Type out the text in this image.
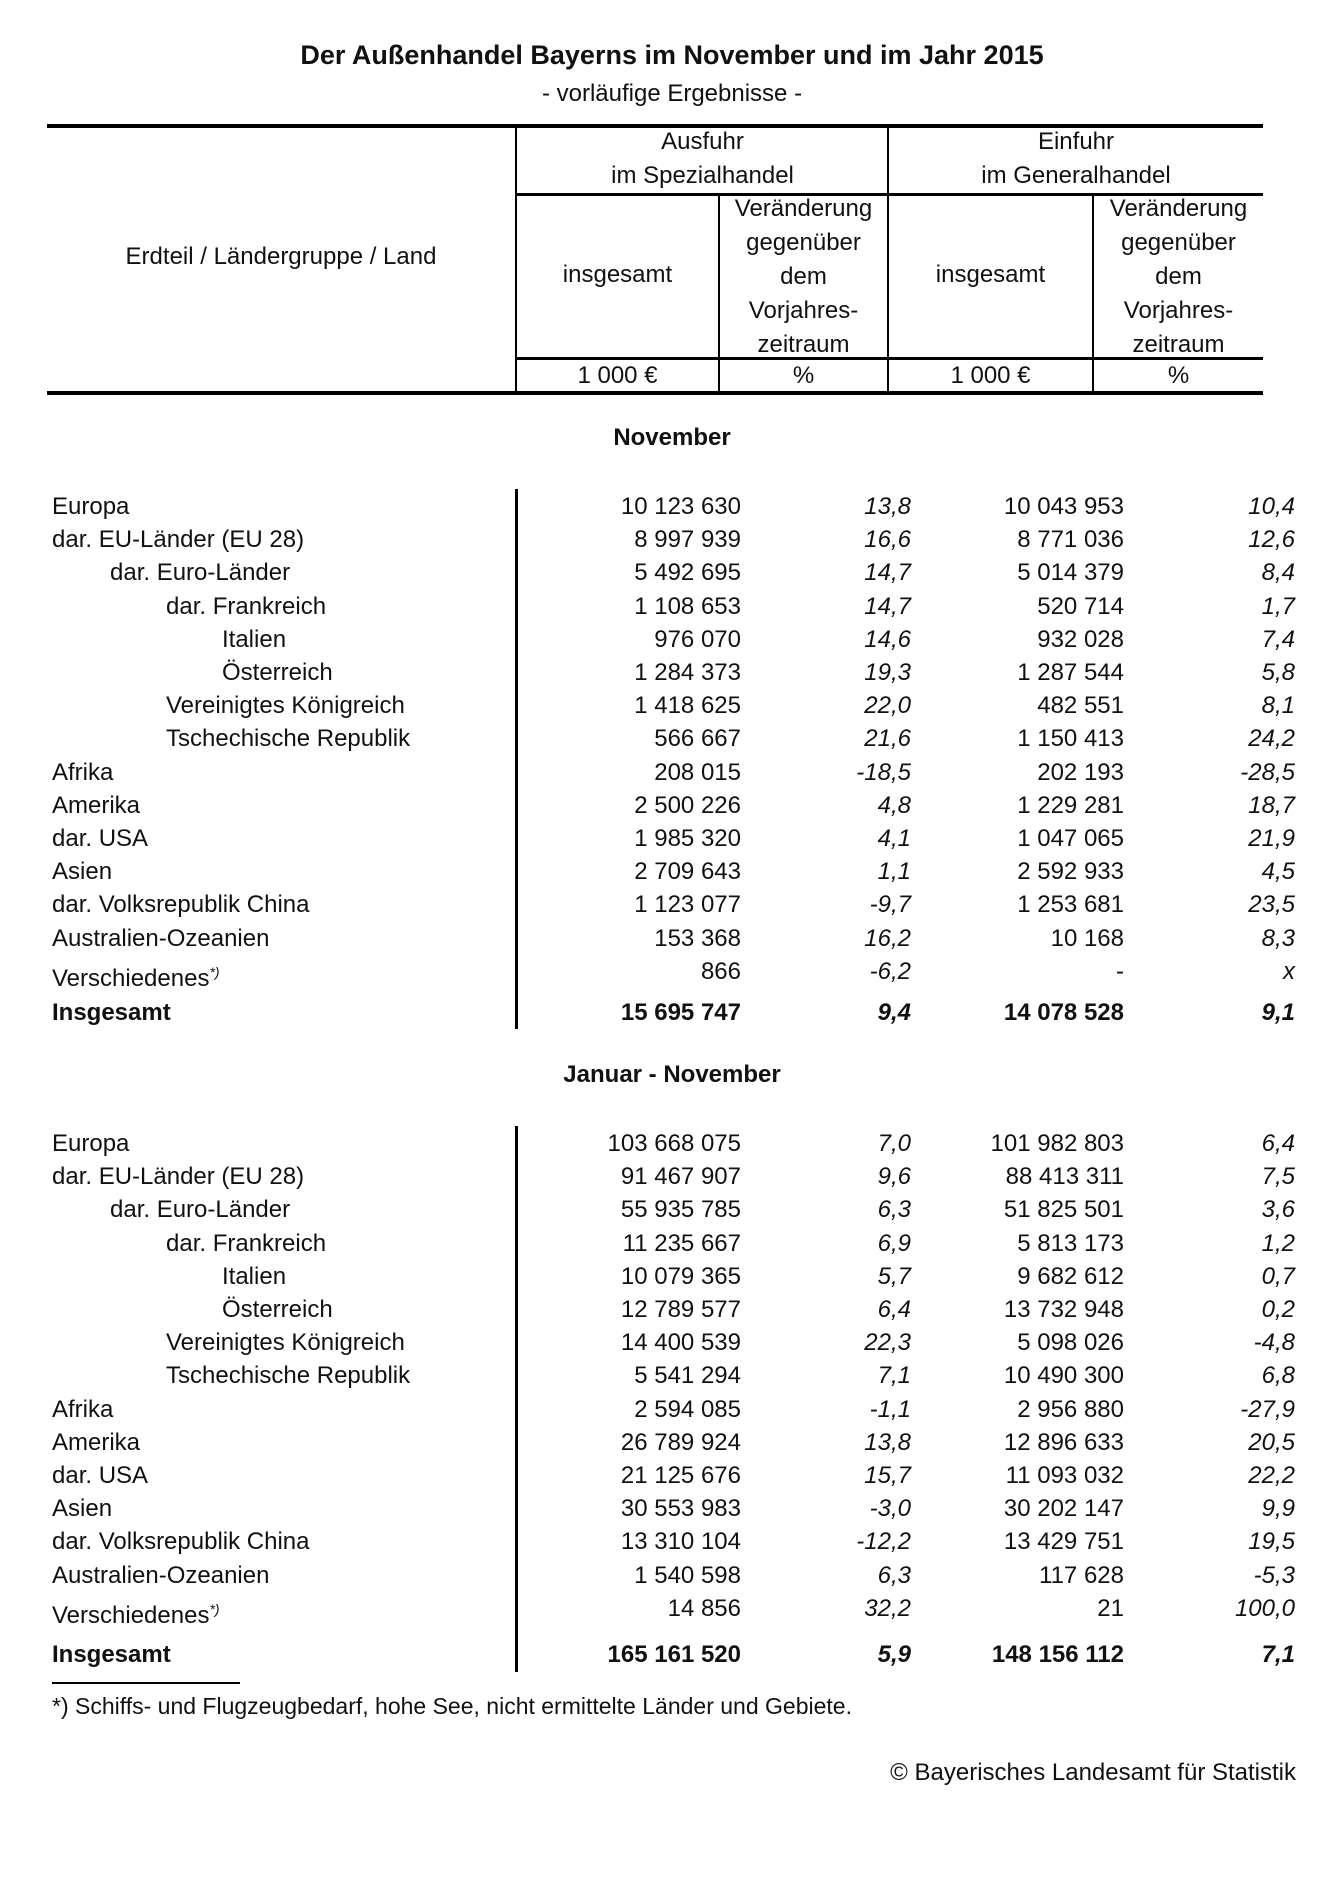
Der Außenhandel Bayerns im November und im Jahr 2015
- vorläufige Ergebnisse -
Erdteil / Ländergruppe / Land
Ausfuhr
im Spezialhandel
Einfuhr
im Generalhandel
insgesamt
Veränderung
gegenüber
dem
Vorjahres-
zeitraum
insgesamt
Veränderung
gegenüber
dem
Vorjahres-
zeitraum
1 000 €	%	1 000 €	%
November
Europa	10 123 630	13,8	10 043 953	10,4
dar. EU-Länder (EU 28)	8 997 939	16,6	8 771 036	12,6
dar. Euro-Länder	5 492 695	14,7	5 014 379	8,4
dar. Frankreich	1 108 653	14,7	520 714	1,7
Italien	976 070	14,6	932 028	7,4
Österreich	1 284 373	19,3	1 287 544	5,8
Vereinigtes Königreich	1 418 625	22,0	482 551	8,1
Tschechische Republik	566 667	21,6	1 150 413	24,2
Afrika	208 015	-18,5	202 193	-28,5
Amerika	2 500 226	4,8	1 229 281	18,7
dar. USA	1 985 320	4,1	1 047 065	21,9
Asien	2 709 643	1,1	2 592 933	4,5
dar. Volksrepublik China	1 123 077	-9,7	1 253 681	23,5
Australien-Ozeanien	153 368	16,2	10 168	8,3
Verschiedenes*)	866	-6,2	-	x
Insgesamt	15 695 747	9,4	14 078 528	9,1
Januar - November
Europa	103 668 075	7,0	101 982 803	6,4
dar. EU-Länder (EU 28)	91 467 907	9,6	88 413 311	7,5
dar. Euro-Länder	55 935 785	6,3	51 825 501	3,6
dar. Frankreich	11 235 667	6,9	5 813 173	1,2
Italien	10 079 365	5,7	9 682 612	0,7
Österreich	12 789 577	6,4	13 732 948	0,2
Vereinigtes Königreich	14 400 539	22,3	5 098 026	-4,8
Tschechische Republik	5 541 294	7,1	10 490 300	6,8
Afrika	2 594 085	-1,1	2 956 880	-27,9
Amerika	26 789 924	13,8	12 896 633	20,5
dar. USA	21 125 676	15,7	11 093 032	22,2
Asien	30 553 983	-3,0	30 202 147	9,9
dar. Volksrepublik China	13 310 104	-12,2	13 429 751	19,5
Australien-Ozeanien	1 540 598	6,3	117 628	-5,3
Verschiedenes*)	14 856	32,2	21	100,0
Insgesamt	165 161 520	5,9	148 156 112	7,1
*) Schiffs- und Flugzeugbedarf, hohe See, nicht ermittelte Länder und Gebiete.
© Bayerisches Landesamt für Statistik
